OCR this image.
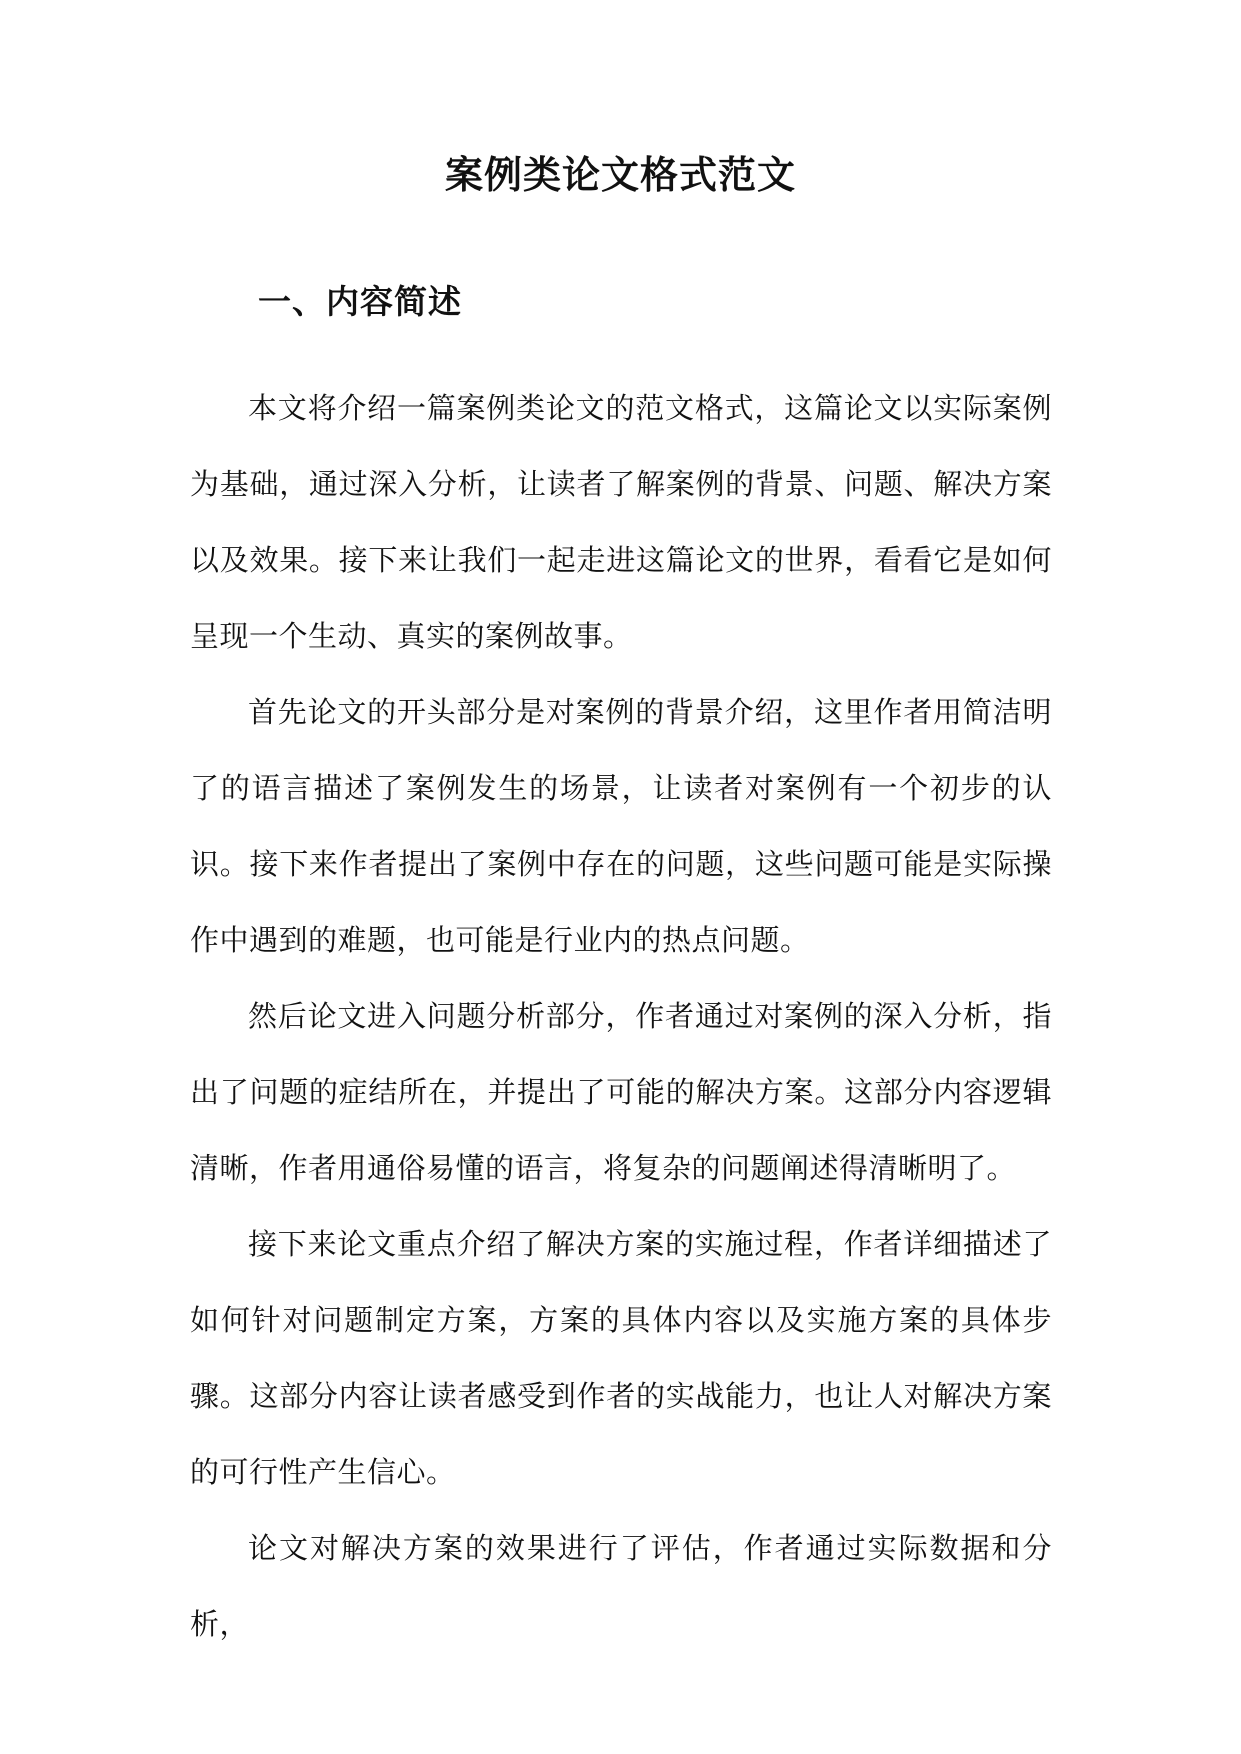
案例类论文格式范文
一、内容简述

本文将介绍一篇案例类论文的范文格式，这篇论文以实际案例为基础，通过深入分析，让读者了解案例的背景、问题、解决方案以及效果。接下来让我们一起走进这篇论文的世界，看看它是如何呈现一个生动、真实的案例故事。

首先论文的开头部分是对案例的背景介绍，这里作者用简洁明了的语言描述了案例发生的场景，让读者对案例有一个初步的认识。接下来作者提出了案例中存在的问题，这些问题可能是实际操作中遇到的难题，也可能是行业内的热点问题。

然后论文进入问题分析部分，作者通过对案例的深入分析，指出了问题的症结所在，并提出了可能的解决方案。这部分内容逻辑清晰，作者用通俗易懂的语言，将复杂的问题阐述得清晰明了。

接下来论文重点介绍了解决方案的实施过程，作者详细描述了如何针对问题制定方案，方案的具体内容以及实施方案的具体步骤。这部分内容让读者感受到作者的实战能力，也让人对解决方案的可行性产生信心。

论文对解决方案的效果进行了评估，作者通过实际数据和分析，
